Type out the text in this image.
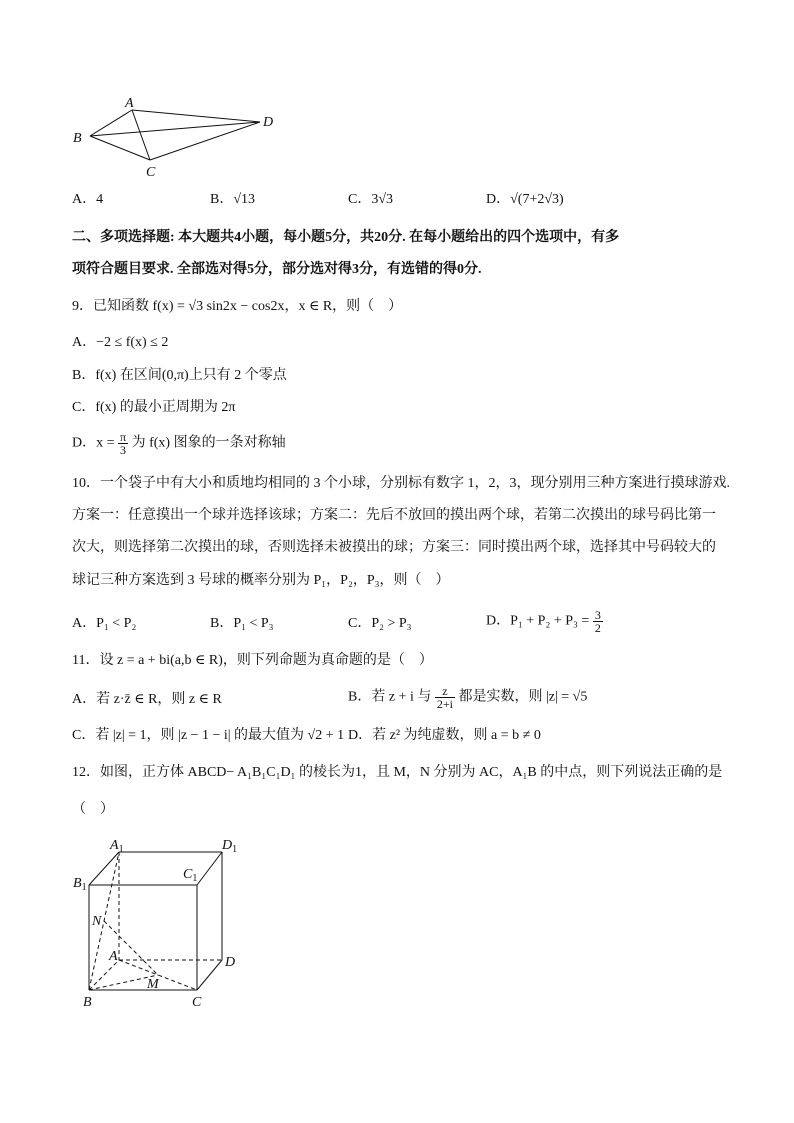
A
B
C
D
A．4	B．√13	C．3√3	D．√(7+2√3)
二、多项选择题: 本大题共4小题，每小题5分，共20分. 在每小题给出的四个选项中，有多
项符合题目要求. 全部选对得5分，部分选对得3分，有选错的得0分.
9．已知函数 f(x) = √3 sin2x − cos2x，x ∈ R，则（　）
A．−2 ≤ f(x) ≤ 2
B．f(x) 在区间(0,π)上只有 2 个零点
C．f(x) 的最小正周期为 2π
D．$x = \frac{\pi}{3}$ 为 f(x) 图象的一条对称轴
10．一个袋子中有大小和质地均相同的 3 个小球，分别标有数字 1，2，3，现分别用三种方案进行摸球游戏.
方案一：任意摸出一个球并选择该球；方案二：先后不放回的摸出两个球，若第二次摸出的球号码比第一
次大，则选择第二次摸出的球，否则选择未被摸出的球；方案三：同时摸出两个球，选择其中号码较大的
球记三种方案选到 3 号球的概率分别为 P₁，P₂，P₃，则（　）
A．P₁ < P₂	B．P₁ < P₃	C．P₂ > P₃	D．$P_1 + P_2 + P_3 = \frac{3}{2}$
11．设 z = a + bi(a,b ∈ R)，则下列命题为真命题的是（　）
A．若 z·z̄ ∈ R，则 z ∈ R	B．若 z + i 与 $\frac{z}{2+i}$ 都是实数，则 |z| = √5
C．若 |z| = 1，则 |z − 1 − i| 的最大值为 √2 + 1 D．若 z² 为纯虚数，则 a = b ≠ 0
12．如图，正方体 ABCD− A₁B₁C₁D₁ 的棱长为1，且 M，N 分别为 AC，A₁B 的中点，则下列说法正确的是
（　）
$A_1$	$D_1$
$B_1$
$C_1$
N
A	D
M
B	C
